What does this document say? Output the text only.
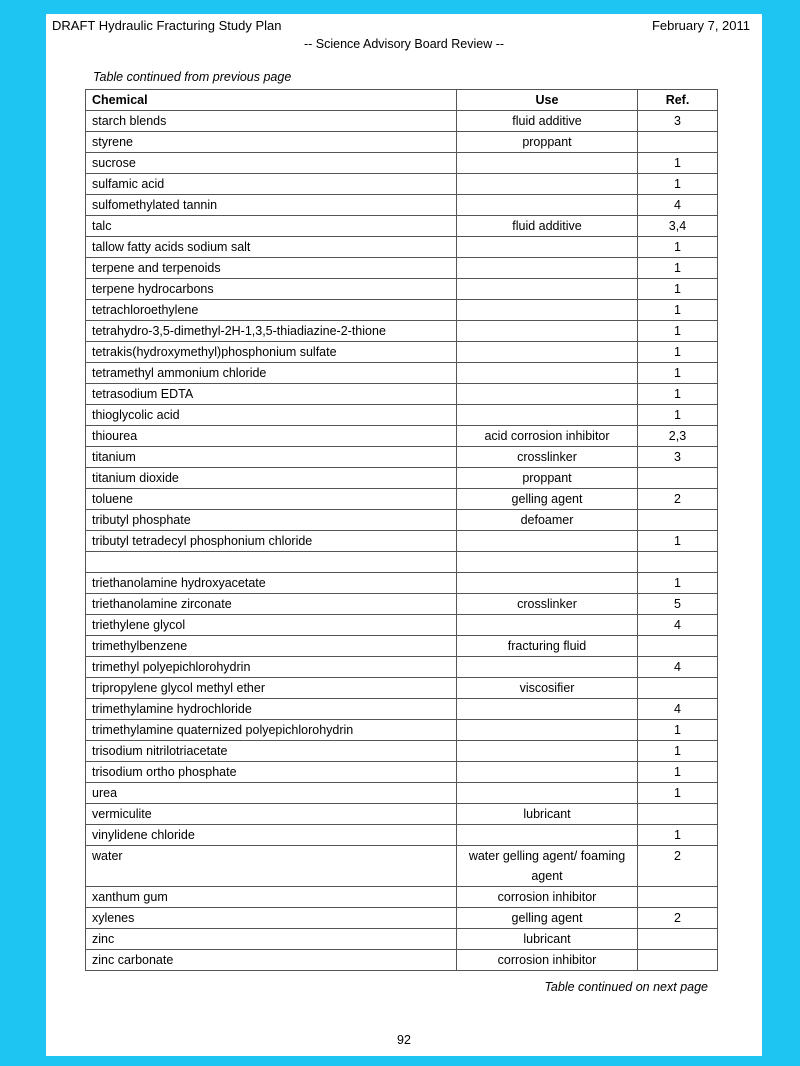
DRAFT Hydraulic Fracturing Study Plan	February 7, 2011
-- Science Advisory Board Review --
Table continued from previous page
Chemical	Use	Ref.
starch blends	fluid additive	3
styrene	proppant	
sucrose		1
sulfamic acid		1
sulfomethylated tannin		4
talc	fluid additive	3,4
tallow fatty acids sodium salt		1
terpene and terpenoids		1
terpene hydrocarbons		1
tetrachloroethylene		1
tetrahydro-3,5-dimethyl-2H-1,3,5-thiadiazine-2-thione		1
tetrakis(hydroxymethyl)phosphonium sulfate		1
tetramethyl ammonium chloride		1
tetrasodium EDTA		1
thioglycolic acid		1
thiourea	acid corrosion inhibitor	2,3
titanium	crosslinker	3
titanium dioxide	proppant	
toluene	gelling agent	2
tributyl phosphate	defoamer	
tributyl tetradecyl phosphonium chloride		1

triethanolamine hydroxyacetate		1
triethanolamine zirconate	crosslinker	5
triethylene glycol		4
trimethylbenzene	fracturing fluid	
trimethyl polyepichlorohydrin		4
tripropylene glycol methyl ether	viscosifier	
trimethylamine hydrochloride		4
trimethylamine quaternized polyepichlorohydrin		1
trisodium nitrilotriacetate		1
trisodium ortho phosphate		1
urea		1
vermiculite	lubricant	
vinylidene chloride		1
water	water gelling agent/ foaming agent	2
xanthum gum	corrosion inhibitor	
xylenes	gelling agent	2
zinc	lubricant	
zinc carbonate	corrosion inhibitor	
Table continued on next page
92
